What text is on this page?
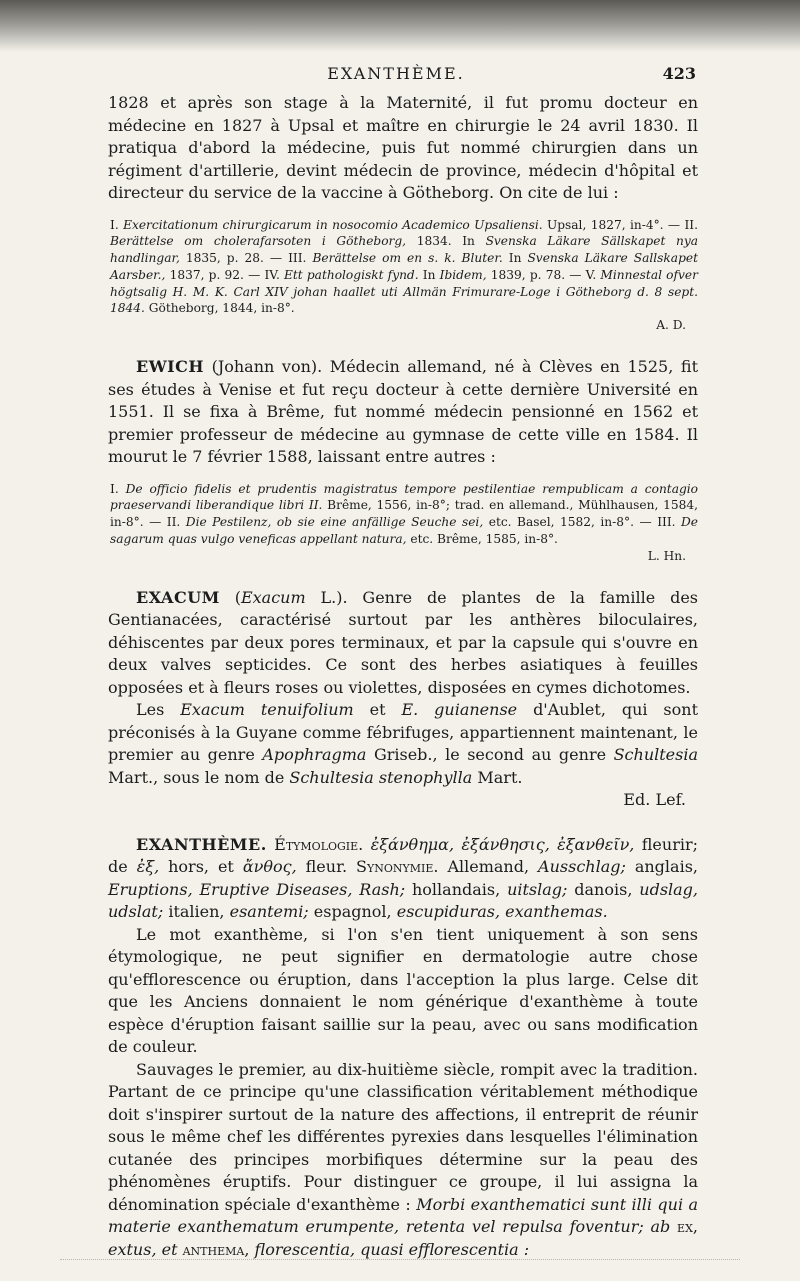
EXANTHÈME.	423

1828 et après son stage à la Maternité, il fut promu docteur en médecine en 1827 à Upsal et maître en chirurgie le 24 avril 1830. Il pratiqua d'abord la médecine, puis fut nommé chirurgien dans un régiment d'artillerie, devint médecin de province, médecin d'hôpital et directeur du service de la vaccine à Götheborg. On cite de lui :

I. Exercitationum chirurgicarum in nosocomio Academico Upsaliensi. Upsal, 1827, in-4°. — II. Berättelse om cholerafarsoten i Götheborg, 1834. In Svenska Läkare Sällskapet nya handlingar, 1835, p. 28. — III. Berättelse om en s. k. Bluter. In Svenska Läkare Sallskapet Aarsber., 1837, p. 92. — IV. Ett pathologiskt fynd. In Ibidem, 1839, p. 78. — V. Minnestal ofver högtsalig H. M. K. Carl XIV johan haallet uti Allmän Frimurare-Loge i Götheborg d. 8 sept. 1844. Götheborg, 1844, in-8°.
A. D.

EWICH (Johann von). Médecin allemand, né à Clèves en 1525, fit ses études à Venise et fut reçu docteur à cette dernière Université en 1551. Il se fixa à Brême, fut nommé médecin pensionné en 1562 et premier professeur de médecine au gymnase de cette ville en 1584. Il mourut le 7 février 1588, laissant entre autres :

I. De officio fidelis et prudentis magistratus tempore pestilentiae rempublicam a contagio praeservandi liberandique libri II. Brême, 1556, in-8°; trad. en allemand., Mühlhausen, 1584, in-8°. — II. Die Pestilenz, ob sie eine anfällige Seuche sei, etc. Basel, 1582, in-8°. — III. De sagarum quas vulgo veneficas appellant natura, etc. Brême, 1585, in-8°.
L. Hn.

EXACUM (Exacum L.). Genre de plantes de la famille des Gentianacées, caractérisé surtout par les anthères biloculaires, déhiscentes par deux pores terminaux, et par la capsule qui s'ouvre en deux valves septicides. Ce sont des herbes asiatiques à feuilles opposées et à fleurs roses ou violettes, disposées en cymes dichotomes.

Les Exacum tenuifolium et E. guianense d'Aublet, qui sont préconisés à la Guyane comme fébrifuges, appartiennent maintenant, le premier au genre Apophragma Griseb., le second au genre Schultesia Mart., sous le nom de Schultesia stenophylla Mart.

Ed. Lef.

EXANTHÈME. Étymologie. ἐξάνθημα, ἐξάνθησις, ἐξανθεῖν, fleurir; de ἐξ, hors, et ἄνθος, fleur. Synonymie. Allemand, Ausschlag; anglais, Eruptions, Eruptive Diseases, Rash; hollandais, uitslag; danois, udslag, udslat; italien, esantemi; espagnol, escupiduras, exanthemas.

Le mot exanthème, si l'on s'en tient uniquement à son sens étymologique, ne peut signifier en dermatologie autre chose qu'efflorescence ou éruption, dans l'acception la plus large. Celse dit que les Anciens donnaient le nom générique d'exanthème à toute espèce d'éruption faisant saillie sur la peau, avec ou sans modification de couleur.

Sauvages le premier, au dix-huitième siècle, rompit avec la tradition. Partant de ce principe qu'une classification véritablement méthodique doit s'inspirer surtout de la nature des affections, il entreprit de réunir sous le même chef les différentes pyrexies dans lesquelles l'élimination cutanée des principes morbifiques détermine sur la peau des phénomènes éruptifs. Pour distinguer ce groupe, il lui assigna la dénomination spéciale d'exanthème : Morbi exanthematici sunt illi qui a materie exanthematum erumpente, retenta vel repulsa foventur; ab ex, extus, et anthema, florescentia, quasi efflorescentia :
